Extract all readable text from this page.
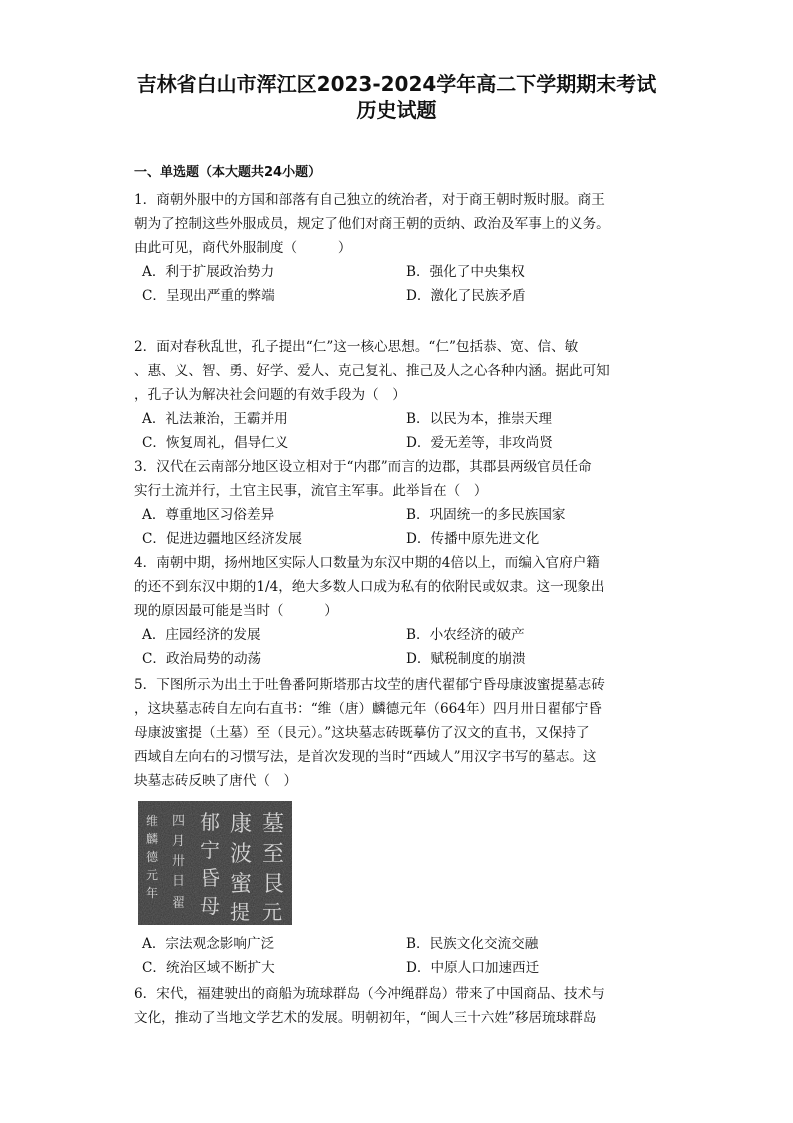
吉林省白山市浑江区2023-2024学年高二下学期期末考试
历史试题
一、单选题（本大题共24小题）
1．商朝外服中的方国和部落有自己独立的统治者，对于商王朝时叛时服。商王
朝为了控制这些外服成员，规定了他们对商王朝的贡纳、政治及军事上的义务。
由此可见，商代外服制度（　　　）
A．利于扩展政治势力	B．强化了中央集权
C．呈现出严重的弊端	D．激化了民族矛盾
2．面对春秋乱世，孔子提出“仁”这一核心思想。“仁”包括恭、宽、信、敏
、惠、义、智、勇、好学、爱人、克己复礼、推己及人之心各种内涵。据此可知
，孔子认为解决社会问题的有效手段为（　）
A．礼法兼治，王霸并用	B．以民为本，推崇天理
C．恢复周礼，倡导仁义	D．爱无差等，非攻尚贤
3．汉代在云南部分地区设立相对于“内郡”而言的边郡，其郡县两级官员任命
实行土流并行，土官主民事，流官主军事。此举旨在（　）
A．尊重地区习俗差异	B．巩固统一的多民族国家
C．促进边疆地区经济发展	D．传播中原先进文化
4．南朝中期，扬州地区实际人口数量为东汉中期的4倍以上，而编入官府户籍
的还不到东汉中期的1/4，绝大多数人口成为私有的依附民或奴隶。这一现象出
现的原因最可能是当时（　　　）
A．庄园经济的发展	B．小农经济的破产
C．政治局势的动荡	D．赋税制度的崩溃
5．下图所示为出土于吐鲁番阿斯塔那古坟茔的唐代翟郁宁昏母康波蜜提墓志砖
，这块墓志砖自左向右直书：“维（唐）麟德元年（664年）四月卅日翟郁宁昏
母康波蜜提（土墓）至（艮元）。”这块墓志砖既摹仿了汉文的直书，又保持了
西域自左向右的习惯写法，是首次发现的当时“西域人”用汉字书写的墓志。这
块墓志砖反映了唐代（　）
维
麟
德
元
年
四
月
卅
日
翟
郁
宁
昏
母
康
波
蜜
提
墓
至
艮
元
A．宗法观念影响广泛	B．民族文化交流交融
C．统治区域不断扩大	D．中原人口加速西迁
6．宋代，福建驶出的商船为琉球群岛（今冲绳群岛）带来了中国商品、技术与
文化，推动了当地文学艺术的发展。明朝初年，“闽人三十六姓”移居琉球群岛
